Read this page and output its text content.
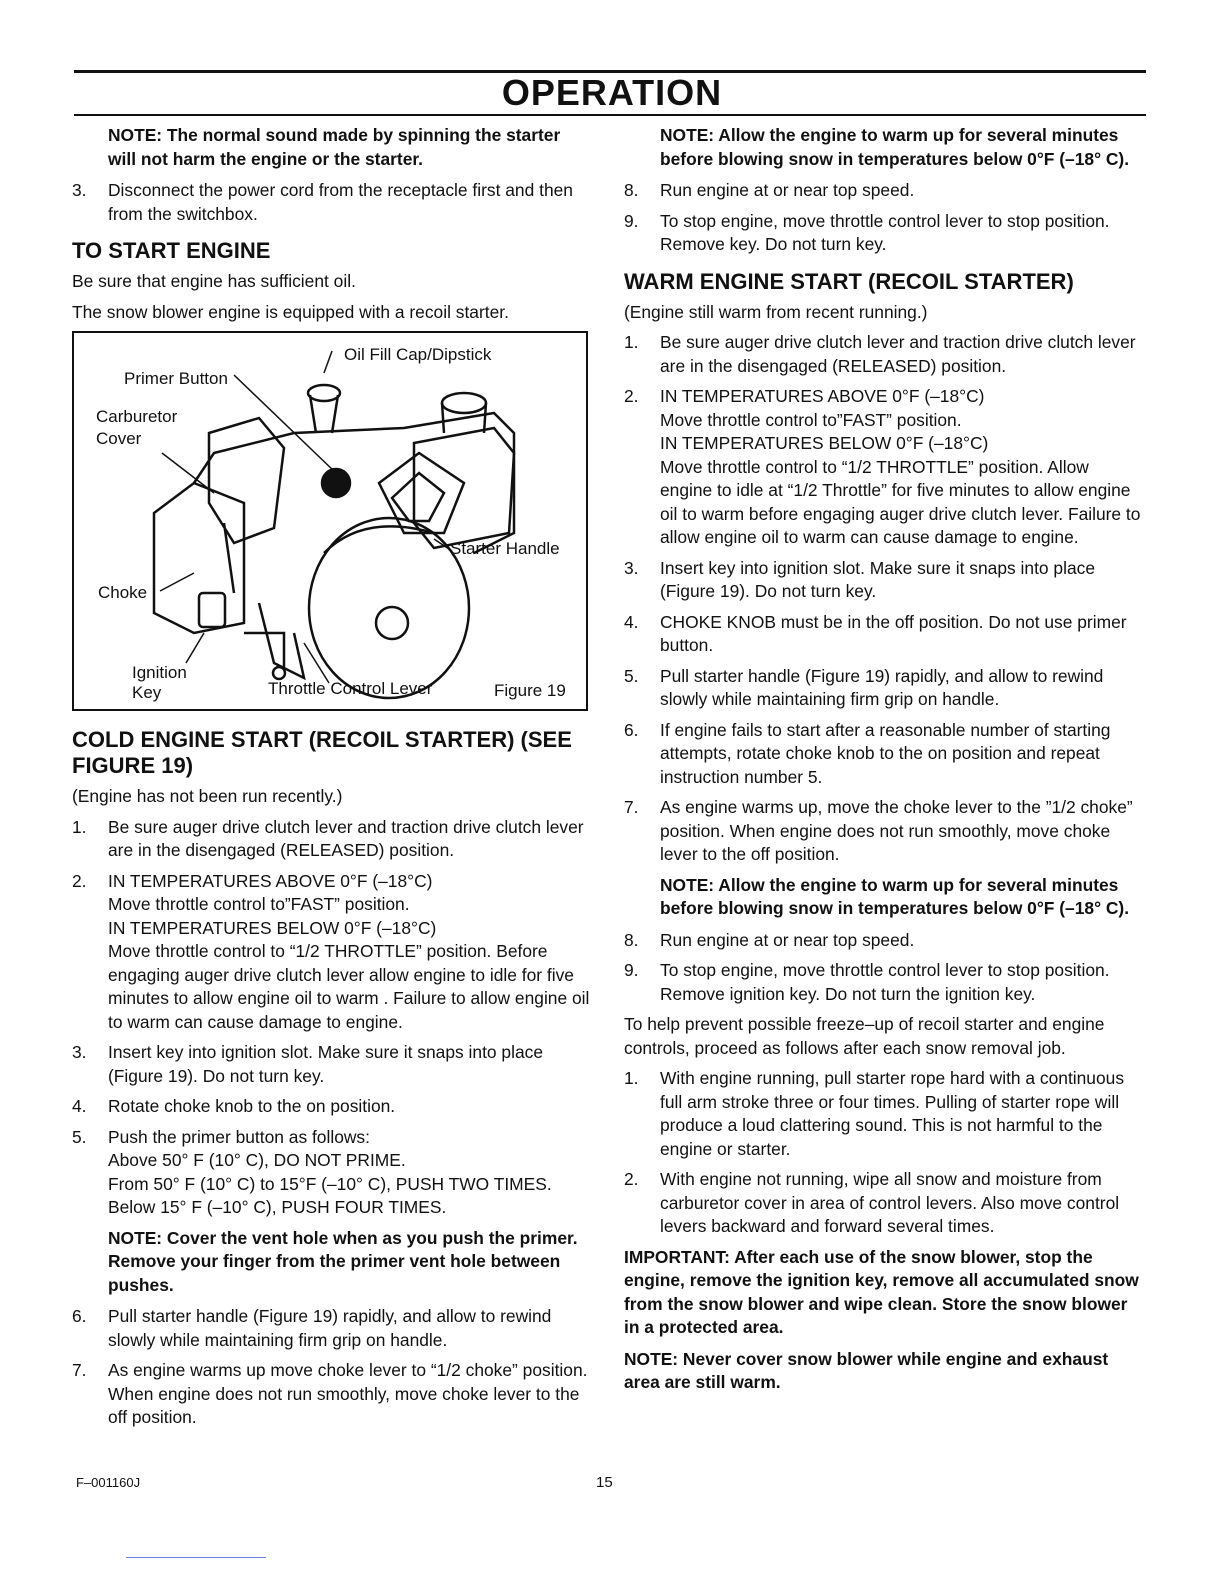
OPERATION

NOTE: The normal sound made by spinning the starter will not harm the engine or the starter.

3. Disconnect the power cord from the receptacle first and then from the switchbox.
TO START ENGINE

Be sure that engine has sufficient oil.

The snow blower engine is equipped with a recoil starter.

Oil Fill Cap/Dipstick
Primer Button
Carburetor
Cover
Starter Handle
Choke
Ignition
Key	Throttle Control Lever	Figure 19
COLD ENGINE START (RECOIL STARTER) (SEE FIGURE 19)

(Engine has not been run recently.)

1. Be sure auger drive clutch lever and traction drive clutch lever are in the disengaged (RELEASED) position.
2. IN TEMPERATURES ABOVE 0°F (–18°C)
Move throttle control to”FAST” position.
IN TEMPERATURES BELOW 0°F (–18°C)
Move throttle control to “1/2 THROTTLE” position. Before engaging auger drive clutch lever allow engine to idle for five minutes to allow engine oil to warm . Failure to allow engine oil to warm can cause damage to engine.
3. Insert key into ignition slot. Make sure it snaps into place (Figure 19). Do not turn key.
4. Rotate choke knob to the on position.
5. Push the primer button as follows:
Above 50° F (10° C), DO NOT PRIME.
From 50° F (10° C) to 15°F (–10° C), PUSH TWO TIMES.
Below 15° F (–10° C), PUSH FOUR TIMES.

NOTE: Cover the vent hole when as you push the primer. Remove your finger from the primer vent hole between pushes.

6. Pull starter handle (Figure 19) rapidly, and allow to rewind slowly while maintaining firm grip on handle.
7. As engine warms up move choke lever to “1/2 choke” position. When engine does not run smoothly, move choke lever to the off position.

NOTE: Allow the engine to warm up for several minutes before blowing snow in temperatures below 0°F (–18° C).

8. Run engine at or near top speed.
9. To stop engine, move throttle control lever to stop position. Remove key. Do not turn key.
WARM ENGINE START (RECOIL STARTER)

(Engine still warm from recent running.)

1. Be sure auger drive clutch lever and traction drive clutch lever are in the disengaged (RELEASED) position.
2. IN TEMPERATURES ABOVE 0°F (–18°C)
Move throttle control to”FAST” position.
IN TEMPERATURES BELOW 0°F (–18°C)
Move throttle control to “1/2 THROTTLE” position. Allow engine to idle at “1/2 Throttle” for five minutes to allow engine oil to warm before engaging auger drive clutch lever. Failure to allow engine oil to warm can cause damage to engine.
3. Insert key into ignition slot. Make sure it snaps into place (Figure 19). Do not turn key.
4. CHOKE KNOB must be in the off position. Do not use primer button.
5. Pull starter handle (Figure 19) rapidly, and allow to rewind slowly while maintaining firm grip on handle.
6. If engine fails to start after a reasonable number of starting attempts, rotate choke knob to the on position and repeat instruction number 5.
7. As engine warms up, move the choke lever to the ”1/2 choke” position. When engine does not run smoothly, move choke lever to the off position.

NOTE: Allow the engine to warm up for several minutes before blowing snow in temperatures below 0°F (–18° C).

8. Run engine at or near top speed.
9. To stop engine, move throttle control lever to stop position. Remove ignition key. Do not turn the ignition key.

To help prevent possible freeze–up of recoil starter and engine controls, proceed as follows after each snow removal job.

1. With engine running, pull starter rope hard with a continuous full arm stroke three or four times. Pulling of starter rope will produce a loud clattering sound. This is not harmful to the engine or starter.
2. With engine not running, wipe all snow and moisture from carburetor cover in area of control levers. Also move control levers backward and forward several times.

IMPORTANT: After each use of the snow blower, stop the engine, remove the ignition key, remove all accumulated snow from the snow blower and wipe clean. Store the snow blower in a protected area.

NOTE: Never cover snow blower while engine and exhaust area are still warm.

F–001160J	15
